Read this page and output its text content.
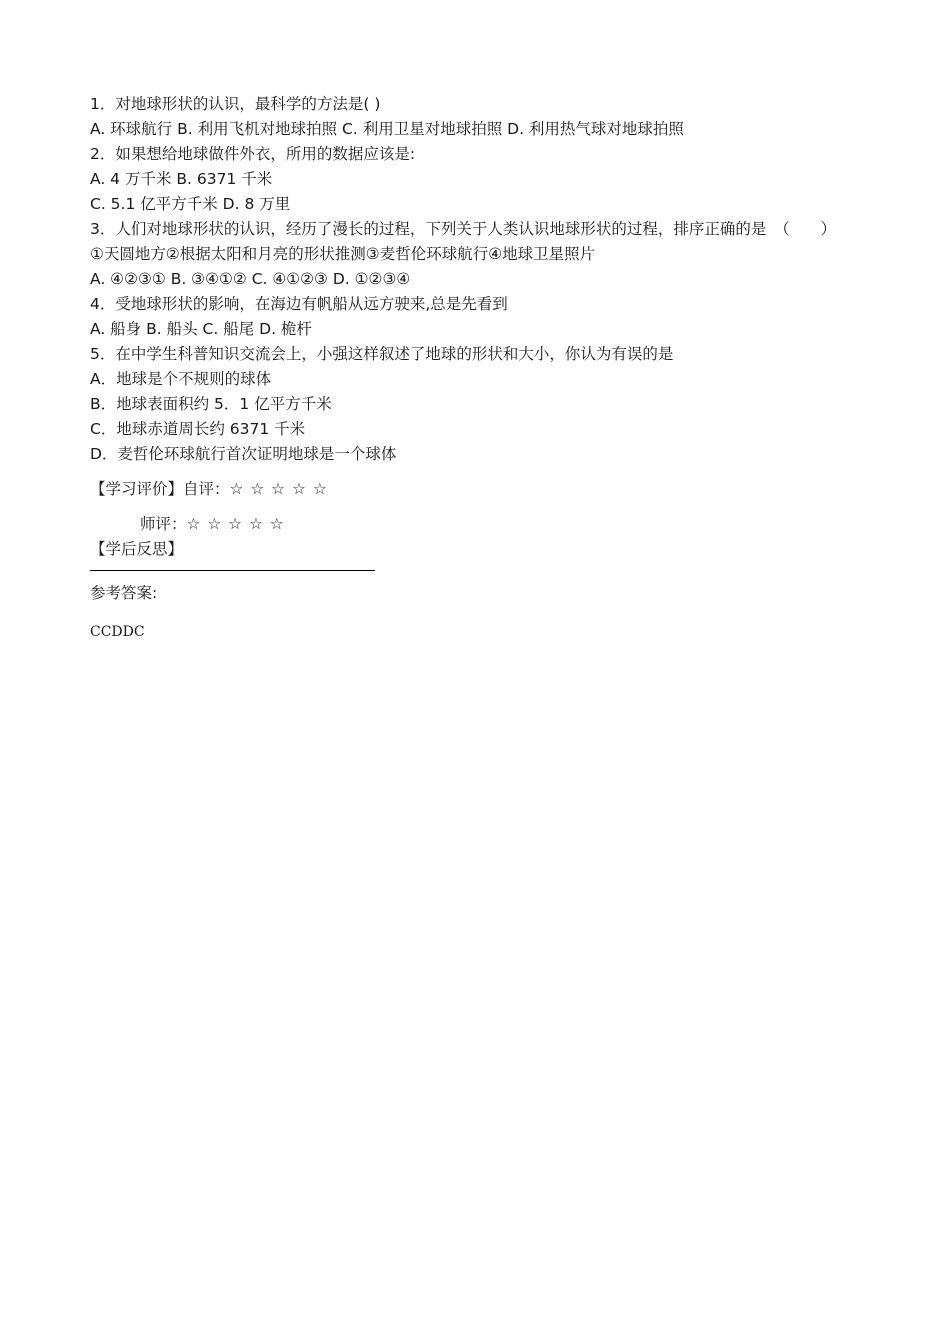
1．对地球形状的认识，最科学的方法是( )
A. 环球航行 B. 利用飞机对地球拍照 C. 利用卫星对地球拍照 D. 利用热气球对地球拍照
2．如果想给地球做件外衣，所用的数据应该是:
A. 4 万千米 B. 6371 千米
C. 5.1 亿平方千米 D. 8 万里
3．人们对地球形状的认识，经历了漫长的过程，下列关于人类认识地球形状的过程，排序正确的是　（　　）
①天圆地方②根据太阳和月亮的形状推测③麦哲伦环球航行④地球卫星照片
A. ④②③① B. ③④①② C. ④①②③ D. ①②③④
4．受地球形状的影响，在海边有帆船从远方驶来,总是先看到
A. 船身 B. 船头 C. 船尾 D. 桅杆
5．在中学生科普知识交流会上，小强这样叙述了地球的形状和大小，你认为有误的是
A．地球是个不规则的球体
B．地球表面积约 5．1 亿平方千米
C．地球赤道周长约 6371 千米
D．麦哲伦环球航行首次证明地球是一个球体
【学习评价】自评：☆ ☆ ☆ ☆ ☆
师评：☆ ☆ ☆ ☆ ☆
【学后反思】
参考答案:
CCDDC
